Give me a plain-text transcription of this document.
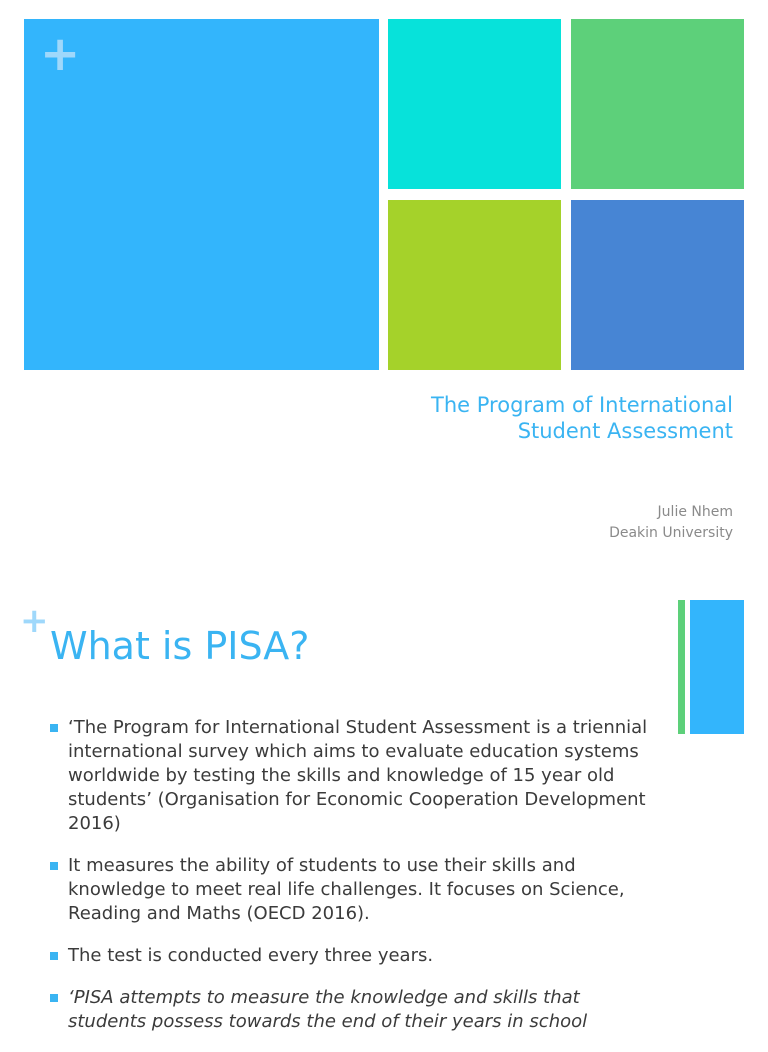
+
The Program of International
Student Assessment
Julie Nhem
Deakin University
+
What is PISA?
‘The Program for International Student Assessment is a triennial international survey which aims to evaluate education systems worldwide by testing the skills and knowledge of 15 year old students’ (Organisation for Economic Cooperation Development 2016)
It measures the ability of students to use their skills and knowledge to meet real life challenges. It focuses on Science, Reading and Maths (OECD 2016).
The test is conducted every three years.
‘PISA attempts to measure the knowledge and skills that students possess towards the end of their years in school
